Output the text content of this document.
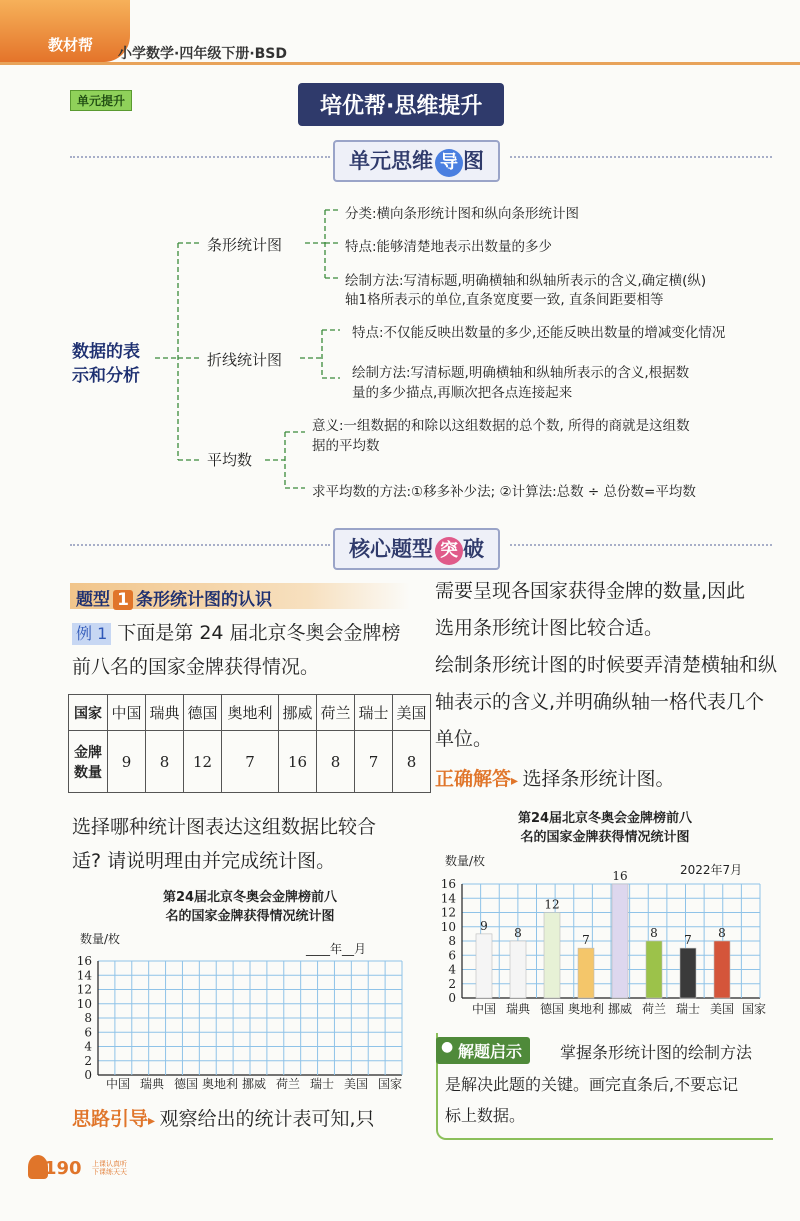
教材帮 小学数学·四年级下册·BSD
单元提升	培优帮·思维提升
单元思维 导 图
数据的表
示和分析
条形统计图
分类:横向条形统计图和纵向条形统计图
特点:能够清楚地表示出数量的多少
绘制方法:写清标题,明确横轴和纵轴所表示的含义,确定横(纵)
轴1格所表示的单位,直条宽度要一致, 直条间距要相等
折线统计图
特点:不仅能反映出数量的多少,还能反映出数量的增减变化情况
绘制方法:写清标题,明确横轴和纵轴所表示的含义,根据数
量的多少描点,再顺次把各点连接起来
平均数
意义:一组数据的和除以这组数据的总个数, 所得的商就是这组数
据的平均数
求平均数的方法:①移多补少法; ②计算法:总数 ÷ 总份数=平均数
核心题型 突 破
题型 1 条形统计图的认识
例 1 下面是第 24 届北京冬奥会金牌榜
前八名的国家金牌获得情况。
国家	中国	瑞典	德国	奥地利	挪威	荷兰	瑞士	美国

金牌
数量	9	8	12	7	16	8	7	8
选择哪种统计图表达这组数据比较合
适? 请说明理由并完成统计图。
第24届北京冬奥会金牌榜前八
名的国家金牌获得情况统计图
数量/枚
____年__月
0
2
4
6
8
10
12
14
16
中国 瑞典 德国 奥地利 挪威 荷兰 瑞士 美国 国家
思路引导▸ 观察给出的统计表可知,只
需要呈现各国家获得金牌的数量,因此
选用条形统计图比较合适。
绘制条形统计图的时候要弄清楚横轴和纵
轴表示的含义,并明确纵轴一格代表几个
单位。
正确解答▸ 选择条形统计图。
第24届北京冬奥会金牌榜前八
名的国家金牌获得情况统计图
数量/枚
2022年7月
0
2
4
6
8
10
12
14
16
9
8
12
7
16
8
7
8
中国 瑞典 德国 奥地利 挪威 荷兰 瑞士 美国 国家
● 解题启示	掌握条形统计图的绘制方法
是解决此题的关键。画完直条后,不要忘记
标上数据。
190 上课认真听
下课练天天
